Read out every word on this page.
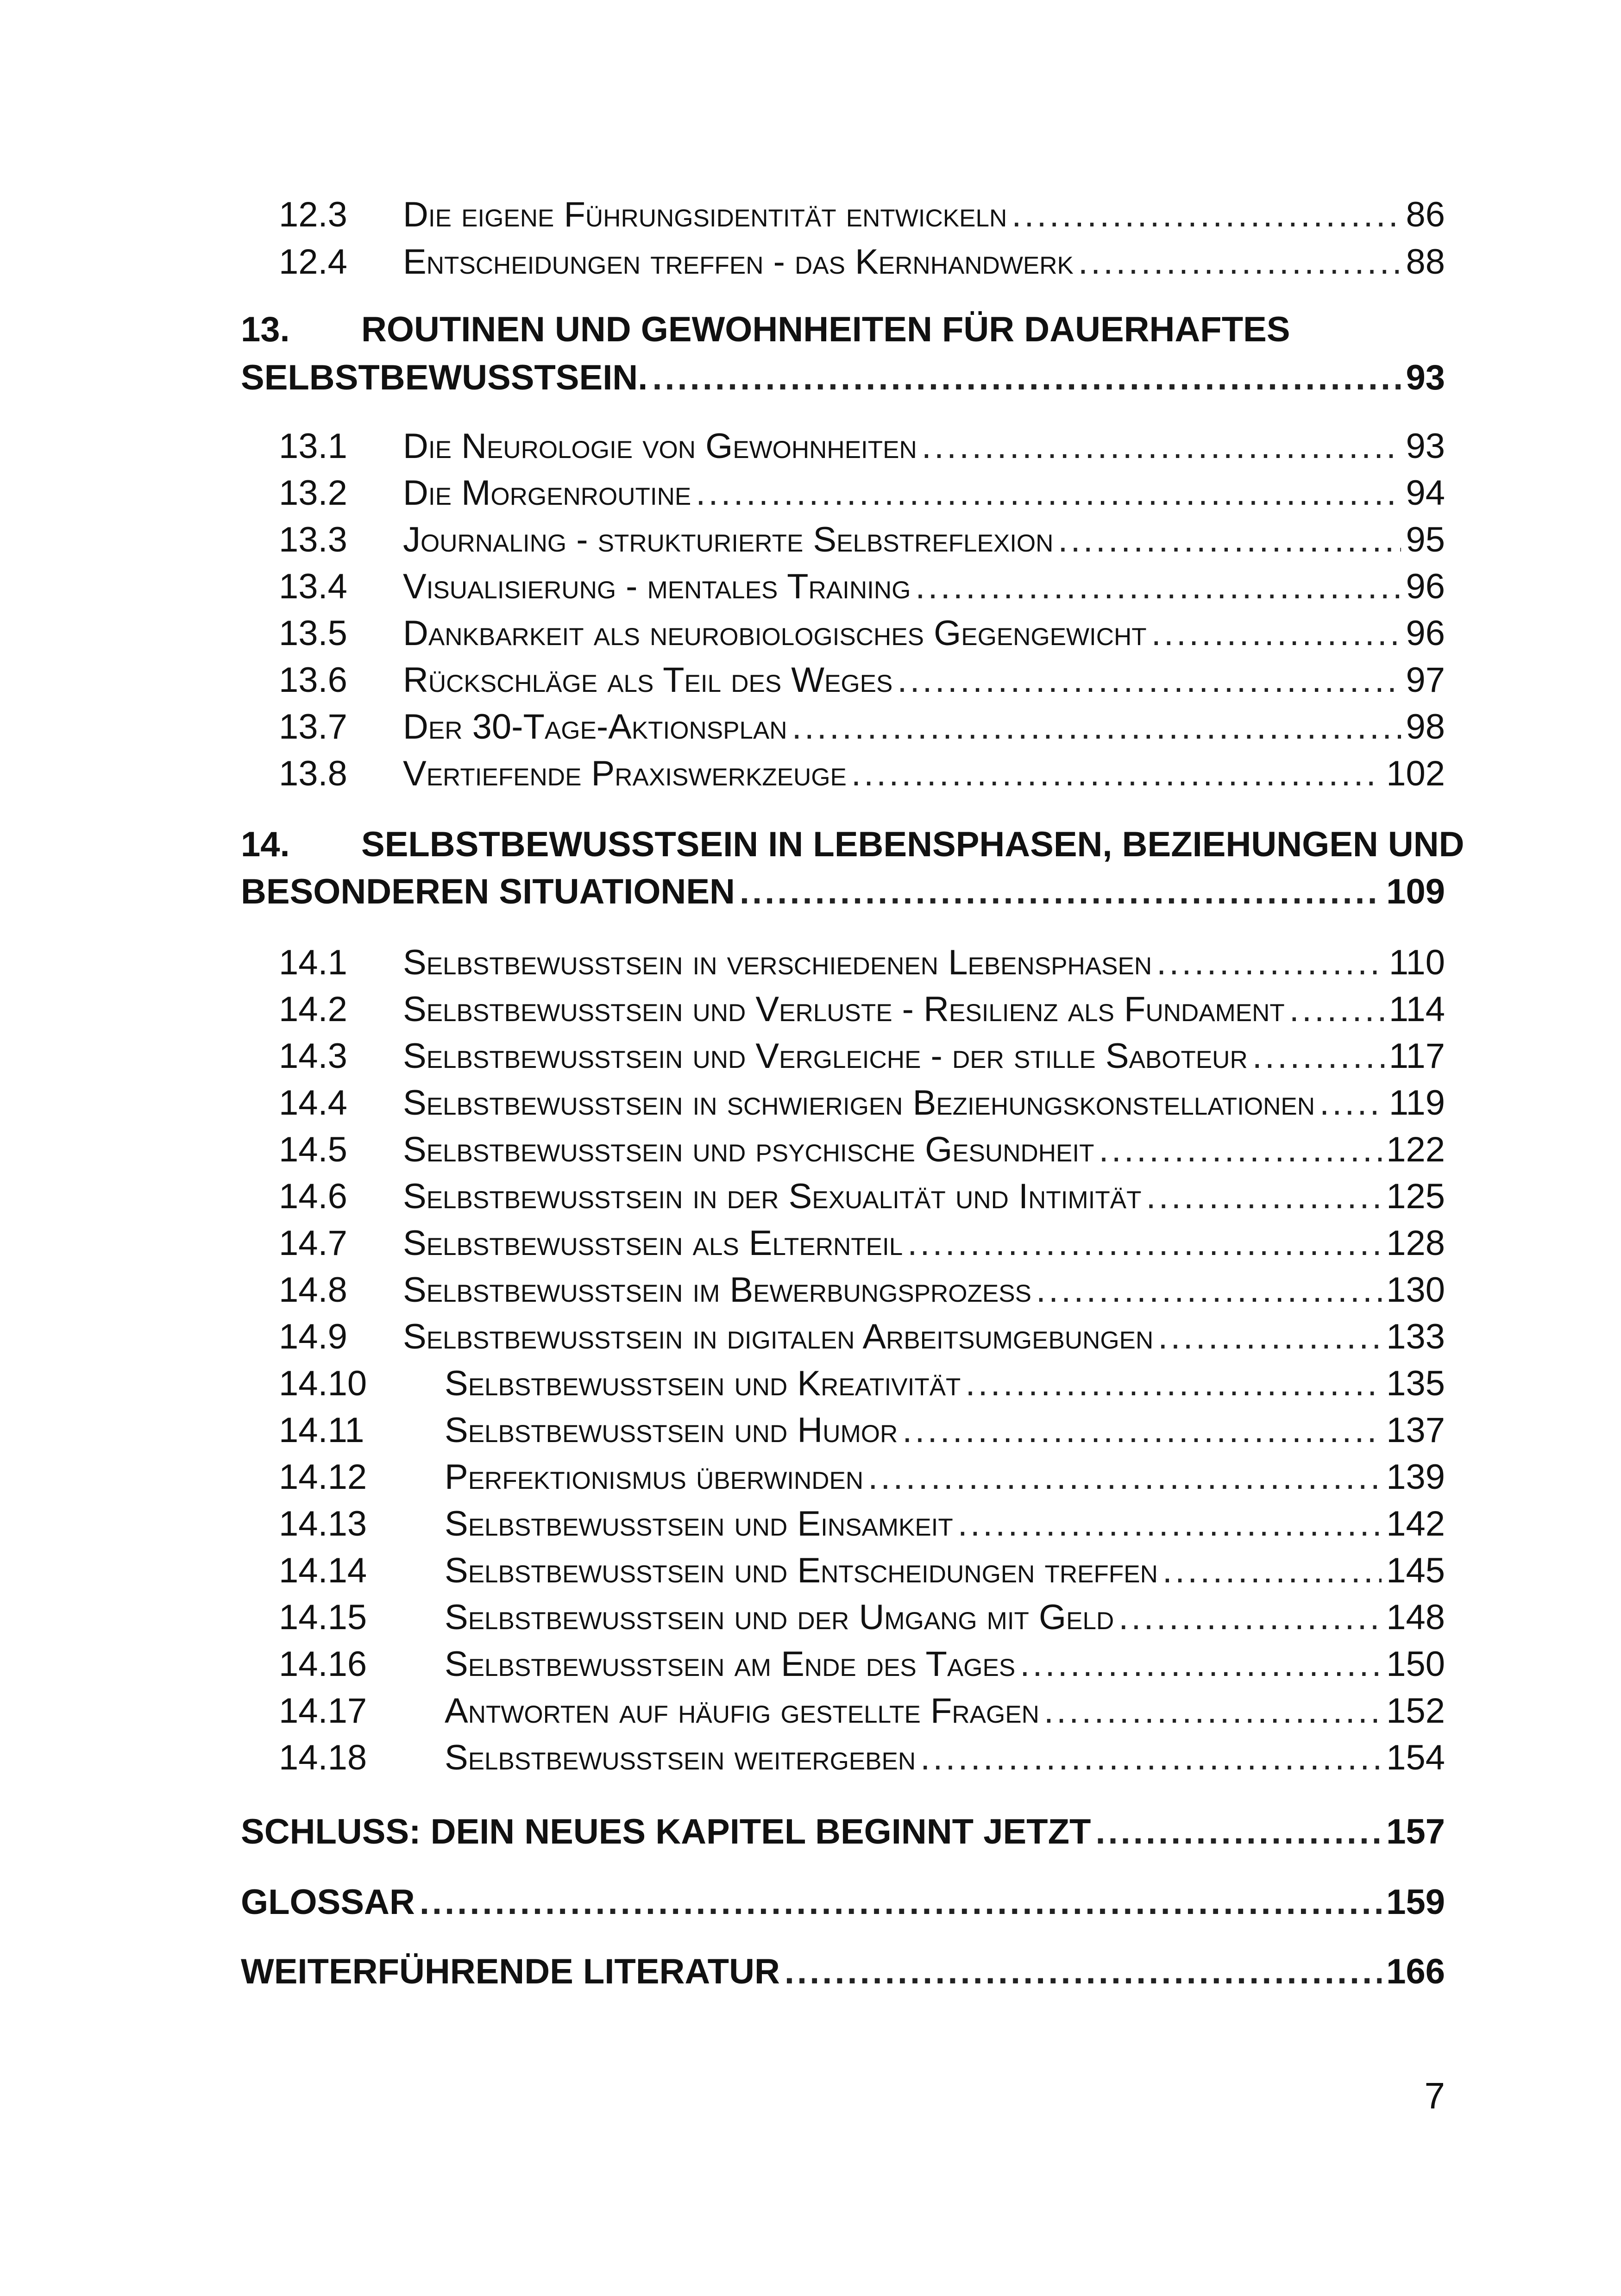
12.3	Die eigene Führungsidentität entwickeln .....	86
12.4	Entscheidungen treffen - das Kernhandwerk .....	88
13.	ROUTINEN UND GEWOHNHEITEN FÜR DAUERHAFTES
SELBSTBEWUSSTSEIN. .....	93
13.1	Die Neurologie von Gewohnheiten .....	93
13.2	Die Morgenroutine .....	94
13.3	Journaling - strukturierte Selbstreflexion .....	95
13.4	Visualisierung - mentales Training .....	96
13.5	Dankbarkeit als neurobiologisches Gegengewicht .....	96
13.6	Rückschläge als Teil des Weges .....	97
13.7	Der 30-Tage-Aktionsplan .....	98
13.8	Vertiefende Praxiswerkzeuge .....	102
14.	SELBSTBEWUSSTSEIN IN LEBENSPHASEN, BEZIEHUNGEN UND
BESONDEREN SITUATIONEN .....	109
14.1	Selbstbewusstsein in verschiedenen Lebensphasen .....	110
14.2	Selbstbewusstsein und Verluste - Resilienz als Fundament .....	114
14.3	Selbstbewusstsein und Vergleiche - der stille Saboteur .....	117
14.4	Selbstbewusstsein in schwierigen Beziehungskonstellationen ..... 119
14.5	Selbstbewusstsein und psychische Gesundheit .....	122
14.6	Selbstbewusstsein in der Sexualität und Intimität .....	125
14.7	Selbstbewusstsein als Elternteil .....	128
14.8	Selbstbewusstsein im Bewerbungsprozess .....	130
14.9	Selbstbewusstsein in digitalen Arbeitsumgebungen .....	133
14.10	Selbstbewusstsein und Kreativität .....	135
14.11	Selbstbewusstsein und Humor .....	137
14.12	Perfektionismus überwinden .....	139
14.13	Selbstbewusstsein und Einsamkeit .....	142
14.14	Selbstbewusstsein und Entscheidungen treffen .....	145
14.15	Selbstbewusstsein und der Umgang mit Geld .....	148
14.16	Selbstbewusstsein am Ende des Tages .....	150
14.17	Antworten auf häufig gestellte Fragen .....	152
14.18	Selbstbewusstsein weitergeben .....	154
SCHLUSS: DEIN NEUES KAPITEL BEGINNT JETZT .....	157
GLOSSAR .....	159
WEITERFÜHRENDE LITERATUR .....	166
7
